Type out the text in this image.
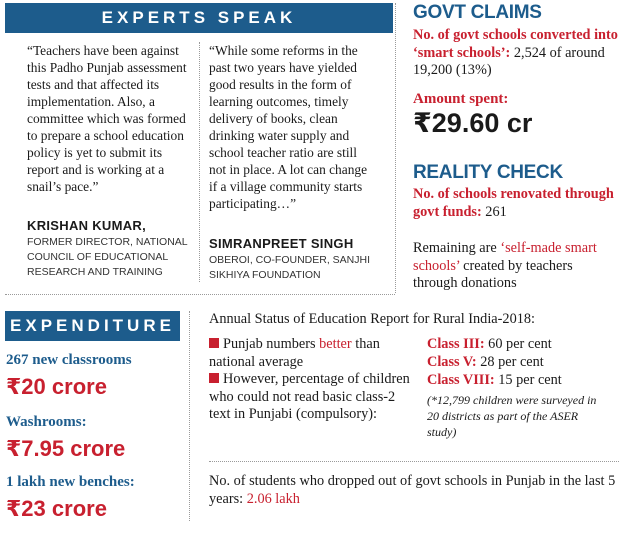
EXPERTS SPEAK
“Teachers have been against this Padho Punjab assessment tests and that affected its implementation. Also, a committee which was formed to prepare a school education policy is yet to submit its report and is working at a snail’s pace.”
“While some reforms in the past two years have yielded good results in the form of learning outcomes, timely delivery of books, clean drinking water supply and school teacher ratio are still not in place. A lot can change if a village community starts participating…”
KRISHAN KUMAR,
FORMER DIRECTOR, NATIONAL COUNCIL OF EDUCATIONAL RESEARCH AND TRAINING
SIMRANPREET SINGH
OBEROI, CO-FOUNDER, SANJHI SIKHIYA FOUNDATION
GOVT CLAIMS
No. of govt schools converted into ‘smart schools’: 2,524 of around 19,200 (13%)
Amount spent:
₹29.60 cr
REALITY CHECK
No. of schools renovated through govt funds: 261
Remaining are ‘self-made smart schools’ created by teachers through donations
EXPENDITURE
267 new classrooms
₹20 crore
Washrooms:
₹7.95 crore
1 lakh new benches:
₹23 crore
Annual Status of Education Report for Rural India-2018:
Punjab numbers better than national average
However, percentage of children who could not read basic class-2 text in Punjabi (compulsory):
Class III: 60 per cent
Class V: 28 per cent
Class VIII: 15 per cent
(*12,799 children were surveyed in 20 districts as part of the ASER study)
No. of students who dropped out of govt schools in Punjab in the last 5 years: 2.06 lakh
